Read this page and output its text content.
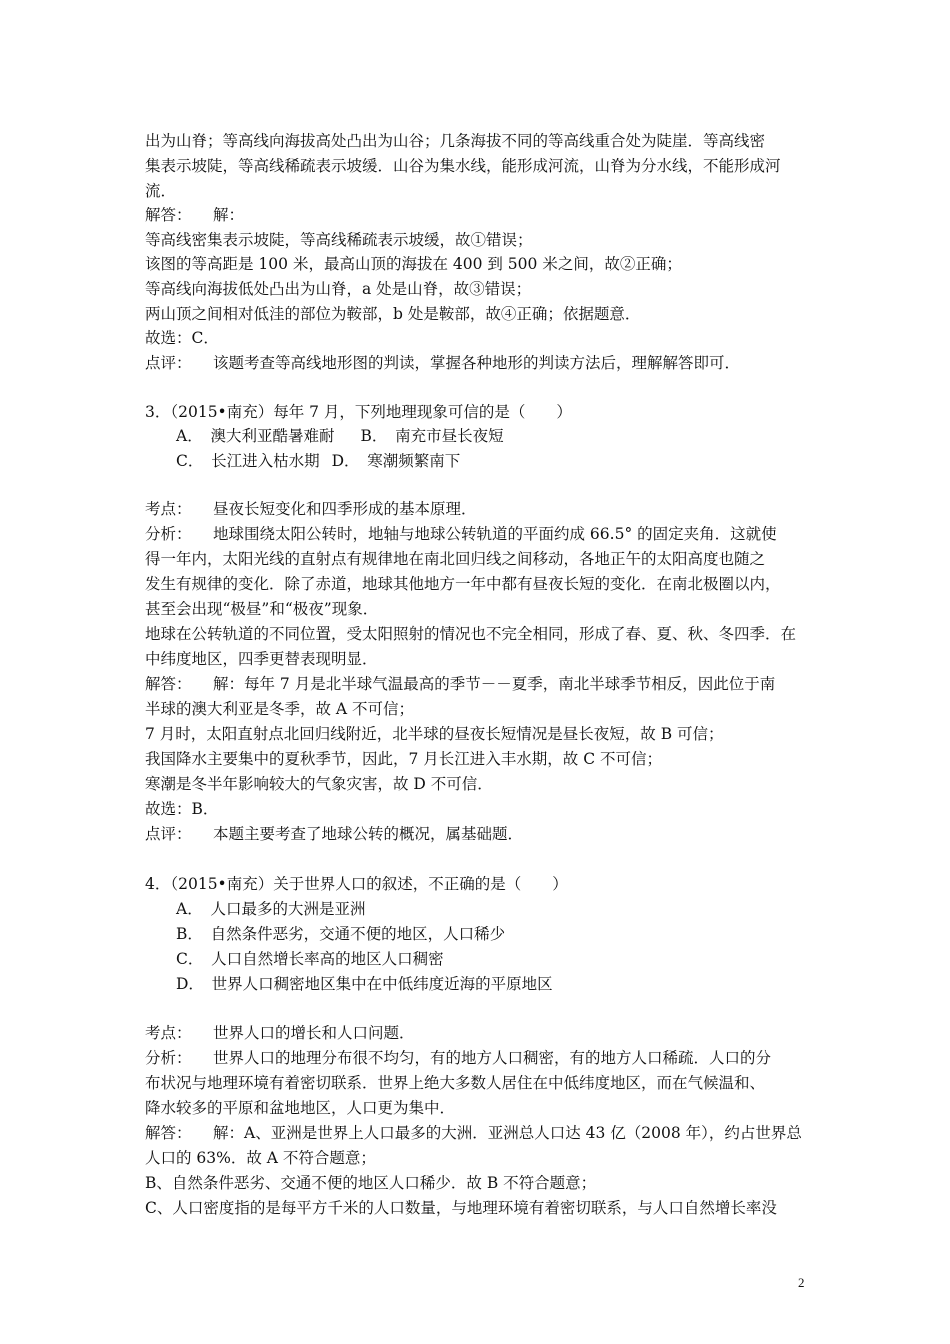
出为山脊；等高线向海拔高处凸出为山谷；几条海拔不同的等高线重合处为陡崖．等高线密
集表示坡陡，等高线稀疏表示坡缓．山谷为集水线，能形成河流，山脊为分水线，不能形成河
流．
解答： 解：
等高线密集表示坡陡，等高线稀疏表示坡缓，故①错误；
该图的等高距是 100 米，最高山顶的海拔在 400 到 500 米之间，故②正确；
等高线向海拔低处凸出为山脊，a 处是山脊，故③错误；
两山顶之间相对低洼的部位为鞍部，b 处是鞍部，故④正确；依据题意．
故选：C．
点评： 该题考查等高线地形图的判读，掌握各种地形的判读方法后，理解解答即可．
3．（2015•南充）每年 7 月，下列地理现象可信的是（　　）
A．　澳大利亚酷暑难耐 B．　南充市昼长夜短
C．　长江进入枯水期 D．　寒潮频繁南下
考点： 昼夜长短变化和四季形成的基本原理．
分析： 地球围绕太阳公转时，地轴与地球公转轨道的平面约成 66.5° 的固定夹角．这就使
得一年内，太阳光线的直射点有规律地在南北回归线之间移动，各地正午的太阳高度也随之
发生有规律的变化．除了赤道，地球其他地方一年中都有昼夜长短的变化．在南北极圈以内，
甚至会出现“极昼”和“极夜”现象．
地球在公转轨道的不同位置，受太阳照射的情况也不完全相同，形成了春、夏、秋、冬四季．在
中纬度地区，四季更替表现明显．
解答： 解：每年 7 月是北半球气温最高的季节－－夏季，南北半球季节相反，因此位于南
半球的澳大利亚是冬季，故 A 不可信；
7 月时，太阳直射点北回归线附近，北半球的昼夜长短情况是昼长夜短，故 B 可信；
我国降水主要集中的夏秋季节，因此，7 月长江进入丰水期，故 C 不可信；
寒潮是冬半年影响较大的气象灾害，故 D 不可信．
故选：B．
点评： 本题主要考查了地球公转的概况，属基础题．
4．（2015•南充）关于世界人口的叙述，不正确的是（　　）
A．　人口最多的大洲是亚洲
B．　自然条件恶劣，交通不便的地区，人口稀少
C．　人口自然增长率高的地区人口稠密
D．　世界人口稠密地区集中在中低纬度近海的平原地区
考点： 世界人口的增长和人口问题．
分析： 世界人口的地理分布很不均匀，有的地方人口稠密，有的地方人口稀疏．人口的分
布状况与地理环境有着密切联系．世界上绝大多数人居住在中低纬度地区，而在气候温和、
降水较多的平原和盆地地区，人口更为集中．
解答： 解：A、亚洲是世界上人口最多的大洲．亚洲总人口达 43 亿（2008 年），约占世界总
人口的 63%．故 A 不符合题意；
B、自然条件恶劣、交通不便的地区人口稀少．故 B 不符合题意；
C、人口密度指的是每平方千米的人口数量，与地理环境有着密切联系，与人口自然增长率没
2
